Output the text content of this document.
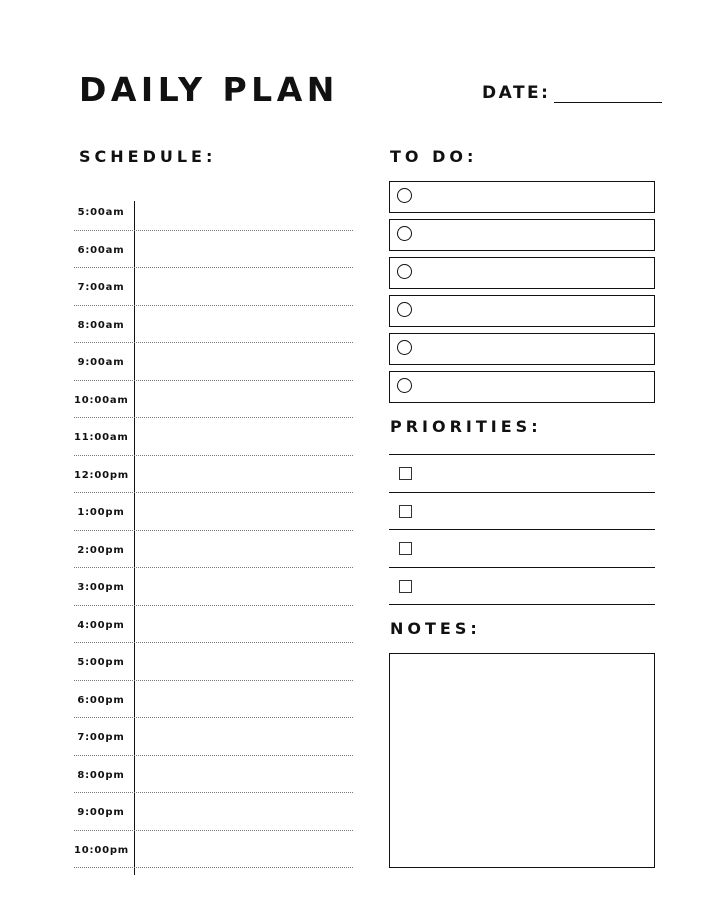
DAILY PLAN	DATE:
SCHEDULE:
5:00am
6:00am
7:00am
8:00am
9:00am
10:00am
11:00am
12:00pm
1:00pm
2:00pm
3:00pm
4:00pm
5:00pm
6:00pm
7:00pm
8:00pm
9:00pm
10:00pm
TO DO:
PRIORITIES:
NOTES:
